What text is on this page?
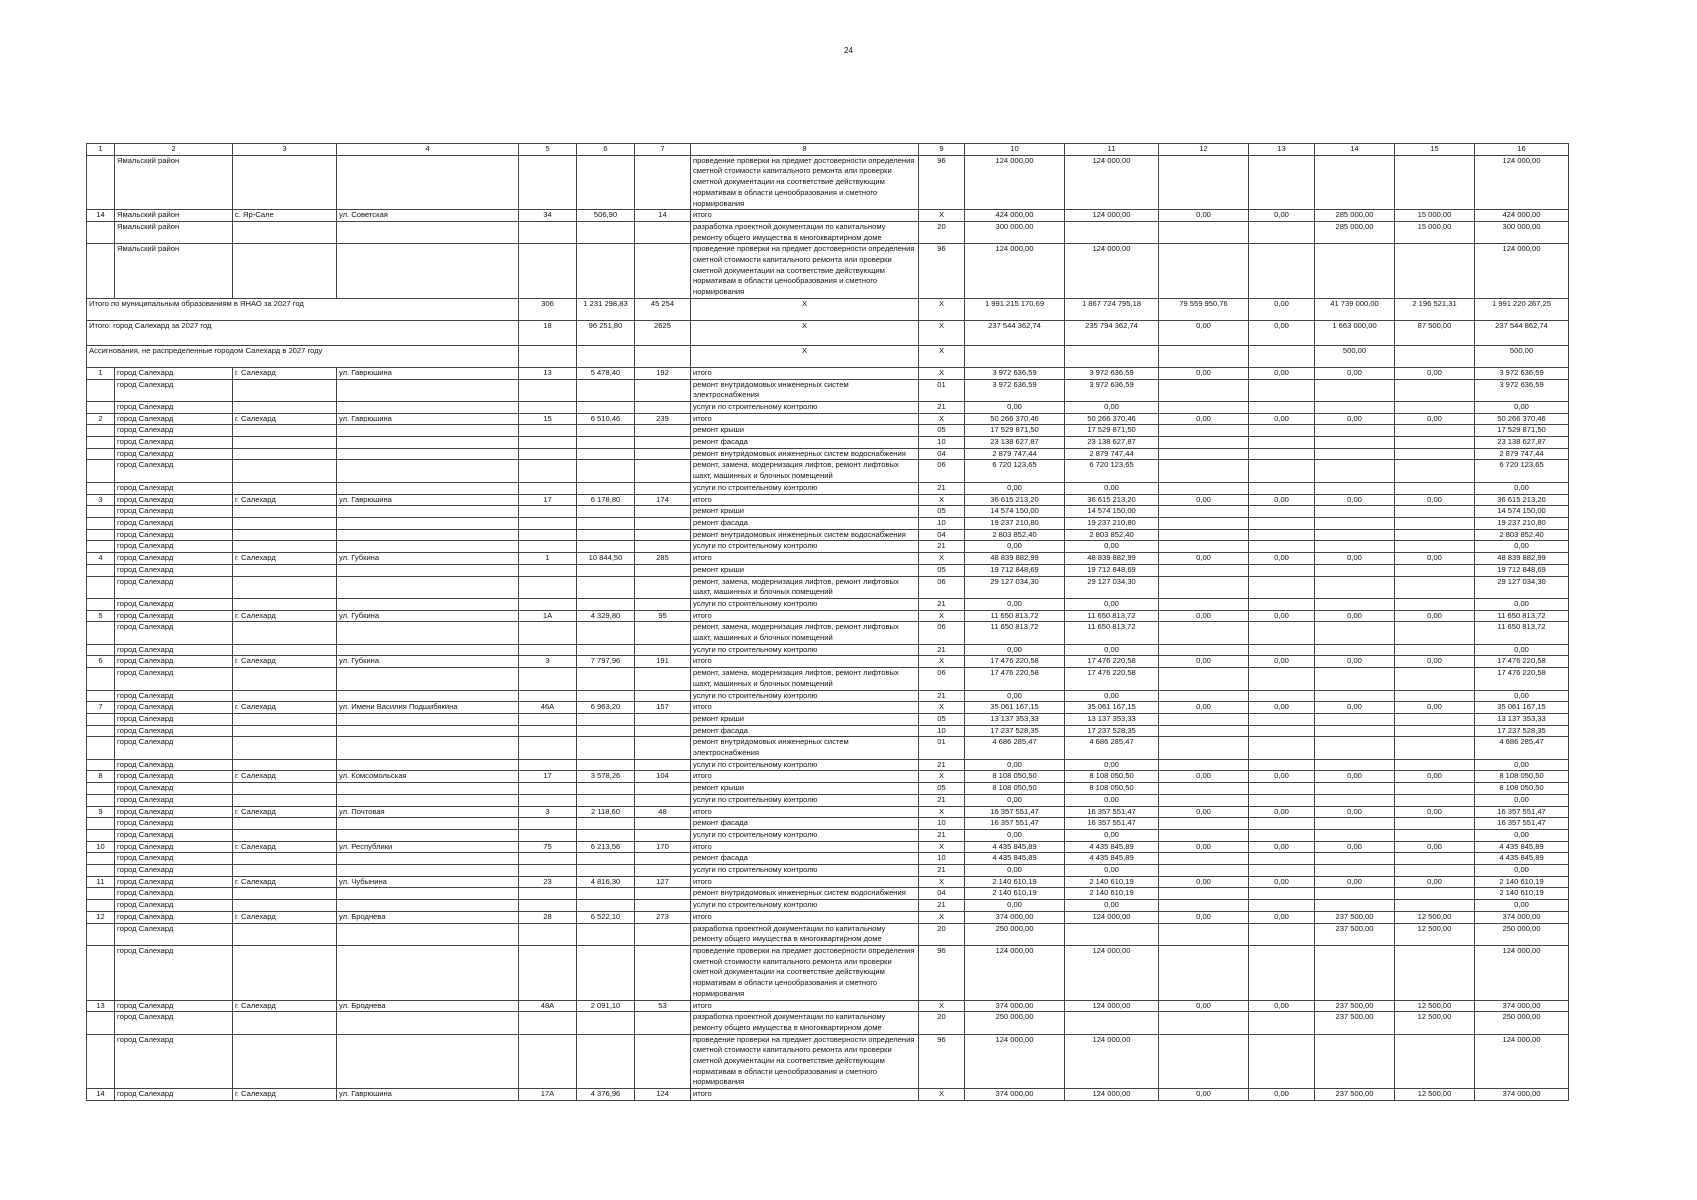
24
1	2	3	4	5	6	7	8	9	10	11	12	13	14	15	16
	Ямальский район						проведение проверки на предмет достоверности определения сметной стоимости капитального ремонта или проверки сметной документации на соответствие действующим нормативам в области ценообразования и сметного нормирования	96	124 000,00	124 000,00					124 000,00
14	Ямальский район	с. Яр-Сале	ул. Советская	34	506,90	14	итого	X	424 000,00	124 000,00	0,00	0,00	285 000,00	15 000,00	424 000,00
	Ямальский район						разработка проектной документации по капитальному ремонту общего имущества в многоквартирном доме	20	300 000,00				285 000,00	15 000,00	300 000,00
	Ямальский район						проведение проверки на предмет достоверности определения сметной стоимости капитального ремонта или проверки сметной документации на соответствие действующим нормативам в области ценообразования и сметного нормирования	96	124 000,00	124 000,00					124 000,00
Итого по муниципальным образованиям в ЯНАО за 2027 год				306	1 231 298,83	45 254	X	X	1 991 215 170,69	1 867 724 795,18	79 559 950,76	0,00	41 739 000,00	2 196 521,31	1 991 220 267,25
Итого: город Салехард за 2027 год				18	96 251,80	2625	X	X	237 544 362,74	235 794 362,74	0,00	0,00	1 663 000,00	87 500,00	237 544 862,74
Ассигнования, не распределенные городом Салехард в 2027 году							X	X					500,00		500,00
1	город Салехард	г. Салехард	ул. Гаврюшина	13	5 478,40	192	итого	X	3 972 636,59	3 972 636,59	0,00	0,00	0,00	0,00	3 972 636,59
	город Салехард						ремонт внутридомовых инженерных систем электроснабжения	01	3 972 636,59	3 972 636,59					3 972 636,59
	город Салехард						услуги по строительному контролю	21	0,00	0,00					0,00
2	город Салехард	г. Салехард	ул. Гаврюшина	15	6 510,46	239	итого	X	50 266 370,46	50 266 370,46	0,00	0,00	0,00	0,00	50 266 370,46
	город Салехард						ремонт крыши	05	17 529 871,50	17 529 871,50					17 529 871,50
	город Салехард						ремонт фасада	10	23 138 627,87	23 138 627,87					23 138 627,87
	город Салехард						ремонт внутридомовых инженерных систем водоснабжения	04	2 879 747,44	2 879 747,44					2 879 747,44
	город Салехард						ремонт, замена, модернизация лифтов, ремонт лифтовых шахт, машинных и блочных помещений	06	6 720 123,65	6 720 123,65					6 720 123,65
	город Салехард						услуги по строительному контролю	21	0,00	0,00					0,00
3	город Салехард	г. Салехард	ул. Гаврюшина	17	6 178,80	174	итого	X	36 615 213,20	36 615 213,20	0,00	0,00	0,00	0,00	36 615 213,20
	город Салехард						ремонт крыши	05	14 574 150,00	14 574 150,00					14 574 150,00
	город Салехард						ремонт фасада	10	19 237 210,80	19 237 210,80					19 237 210,80
	город Салехард						ремонт внутридомовых инженерных систем водоснабжения	04	2 803 852,40	2 803 852,40					2 803 852,40
	город Салехард						услуги по строительному контролю	21	0,00	0,00					0,00
4	город Салехард	г. Салехард	ул. Губкина	1	10 844,50	285	итого	X	48 839 882,99	48 839 882,99	0,00	0,00	0,00	0,00	48 839 882,99
	город Салехард						ремонт крыши	05	19 712 848,69	19 712 848,69					19 712 848,69
	город Салехард						ремонт, замена, модернизация лифтов, ремонт лифтовых шахт, машинных и блочных помещений	06	29 127 034,30	29 127 034,30					29 127 034,30
	город Салехард						услуги по строительному контролю	21	0,00	0,00					0,00
5	город Салехард	г. Салехард	ул. Губкина	1А	4 329,80	95	итого	X	11 650 813,72	11 650 813,72	0,00	0,00	0,00	0,00	11 650 813,72
	город Салехард						ремонт, замена, модернизация лифтов, ремонт лифтовых шахт, машинных и блочных помещений	06	11 650 813,72	11 650 813,72					11 650 813,72
	город Салехард						услуги по строительному контролю	21	0,00	0,00					0,00
6	город Салехард	г. Салехард	ул. Губкина	3	7 797,96	191	итого	X	17 476 220,58	17 476 220,58	0,00	0,00	0,00	0,00	17 476 220,58
	город Салехард						ремонт, замена, модернизация лифтов, ремонт лифтовых шахт, машинных и блочных помещений	06	17 476 220,58	17 476 220,58					17 476 220,58
	город Салехард						услуги по строительному контролю	21	0,00	0,00					0,00
7	город Салехард	г. Салехард	ул. Имени Василия Подшибякина	46А	6 963,20	157	итого	X	35 061 167,15	35 061 167,15	0,00	0,00	0,00	0,00	35 061 167,15
	город Салехард						ремонт крыши	05	13 137 353,33	13 137 353,33					13 137 353,33
	город Салехард						ремонт фасада	10	17 237 528,35	17 237 528,35					17 237 528,35
	город Салехард						ремонт внутридомовых инженерных систем электроснабжения	01	4 686 285,47	4 686 285,47					4 686 285,47
	город Салехард						услуги по строительному контролю	21	0,00	0,00					0,00
8	город Салехард	г. Салехард	ул. Комсомольская	17	3 578,26	104	итого	X	8 108 050,50	8 108 050,50	0,00	0,00	0,00	0,00	8 108 050,50
	город Салехард						ремонт крыши	05	8 108 050,50	8 108 050,50					8 108 050,50
	город Салехард						услуги по строительному контролю	21	0,00	0,00					0,00
9	город Салехард	г. Салехард	ул. Почтовая	3	2 118,60	48	итого	X	16 357 551,47	16 357 551,47	0,00	0,00	0,00	0,00	16 357 551,47
	город Салехард						ремонт фасада	10	16 357 551,47	16 357 551,47					16 357 551,47
	город Салехард						услуги по строительному контролю	21	0,00	0,00					0,00
10	город Салехард	г. Салехард	ул. Республики	75	6 213,56	170	итого	X	4 435 845,89	4 435 845,89	0,00	0,00	0,00	0,00	4 435 845,89
	город Салехард						ремонт фасада	10	4 435 845,89	4 435 845,89					4 435 845,89
	город Салехард						услуги по строительному контролю	21	0,00	0,00					0,00
11	город Салехард	г. Салехард	ул. Чубынина	23	4 816,30	127	итого	X	2 140 610,19	2 140 610,19	0,00	0,00	0,00	0,00	2 140 610,19
	город Салехард						ремонт внутридомовых инженерных систем водоснабжения	04	2 140 610,19	2 140 610,19					2 140 610,19
	город Салехард						услуги по строительному контролю	21	0,00	0,00					0,00
12	город Салехард	г. Салехард	ул. Броднева	28	6 522,10	273	итого	X	374 000,00	124 000,00	0,00	0,00	237 500,00	12 500,00	374 000,00
	город Салехард						разработка проектной документации по капитальному ремонту общего имущества в многоквартирном доме	20	250 000,00				237 500,00	12 500,00	250 000,00
	город Салехард						проведение проверки на предмет достоверности определения сметной стоимости капитального ремонта или проверки сметной документации на соответствие действующим нормативам в области ценообразования и сметного нормирования	96	124 000,00	124 000,00					124 000,00
13	город Салехард	г. Салехард	ул. Броднева	48А	2 091,10	53	итого	X	374 000,00	124 000,00	0,00	0,00	237 500,00	12 500,00	374 000,00
	город Салехард						разработка проектной документации по капитальному ремонту общего имущества в многоквартирном доме	20	250 000,00				237 500,00	12 500,00	250 000,00
	город Салехард						проведение проверки на предмет достоверности определения сметной стоимости капитального ремонта или проверки сметной документации на соответствие действующим нормативам в области ценообразования и сметного нормирования	96	124 000,00	124 000,00					124 000,00
14	город Салехард	г. Салехард	ул. Гаврюшина	17А	4 376,96	124	итого	X	374 000,00	124 000,00	0,00	0,00	237 500,00	12 500,00	374 000,00
